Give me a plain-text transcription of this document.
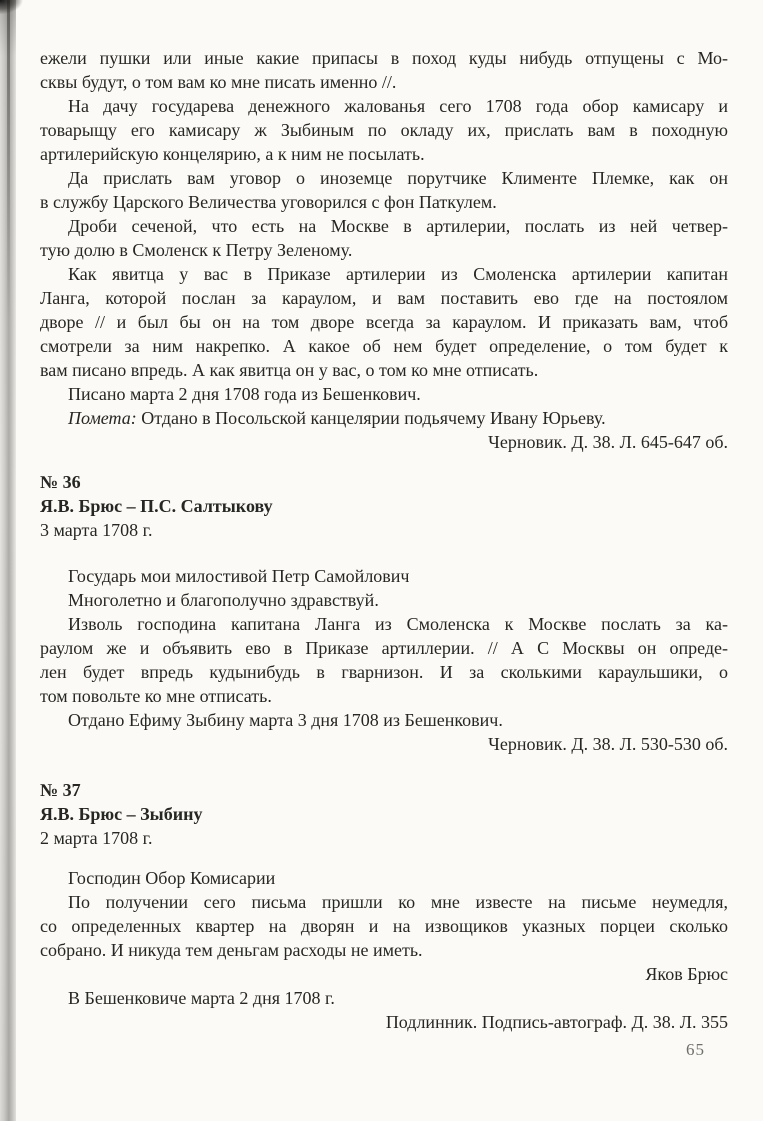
ежели пушки или иные какие припасы в поход куды нибудь отпущены с Мо-
сквы будут, о том вам ко мне писать именно //.
На дачу государева денежного жалованья сего 1708 года обор камисару и
товарыщу его камисару ж Зыбиным по окладу их, прислать вам в походную
артилерийскую концелярию, а к ним не посылать.
Да прислать вам уговор о иноземце порутчике Клименте Племке, как он
в службу Царского Величества уговорился с фон Паткулем.
Дроби сеченой, что есть на Москве в артилерии, послать из ней четвер-
тую долю в Смоленск к Петру Зеленому.
Как явитца у вас в Приказе артилерии из Смоленска артилерии капитан
Ланга, которой послан за караулом, и вам поставить ево где на постоялом
дворе // и был бы он на том дворе всегда за караулом. И приказать вам, чтоб
смотрели за ним накрепко. А какое об нем будет определение, о том будет к
вам писано впредь. А как явитца он у вас, о том ко мне отписать.
Писано марта 2 дня 1708 года из Бешенкович.
Помета: Отдано в Посольской канцелярии подьячему Ивану Юрьеву.
Черновик. Д. 38. Л. 645-647 об.
№ 36
Я.В. Брюс – П.С. Салтыкову
3 марта 1708 г.
Государь мои милостивой Петр Самойлович
Многолетно и благополучно здравствуй.
Изволь господина капитана Ланга из Смоленска к Москве послать за ка-
раулом же и объявить ево в Приказе артиллерии. // А С Москвы он опреде-
лен будет впредь кудынибудь в гварнизон. И за сколькими караульшики, о
том повольте ко мне отписать.
Отдано Ефиму Зыбину марта 3 дня 1708 из Бешенкович.
Черновик. Д. 38. Л. 530-530 об.
№ 37
Я.В. Брюс – Зыбину
2 марта 1708 г.
Господин Обор Комисарии
По получении сего письма пришли ко мне извеcте на письме неумедля,
со определенных квартер на дворян и на извощиков указных порцеи сколько
собрано. И никуда тем деньгам расходы не иметь.
Яков Брюс
В Бешенковиче марта 2 дня 1708 г.
Подлинник. Подпись-автограф. Д. 38. Л. 355
65
